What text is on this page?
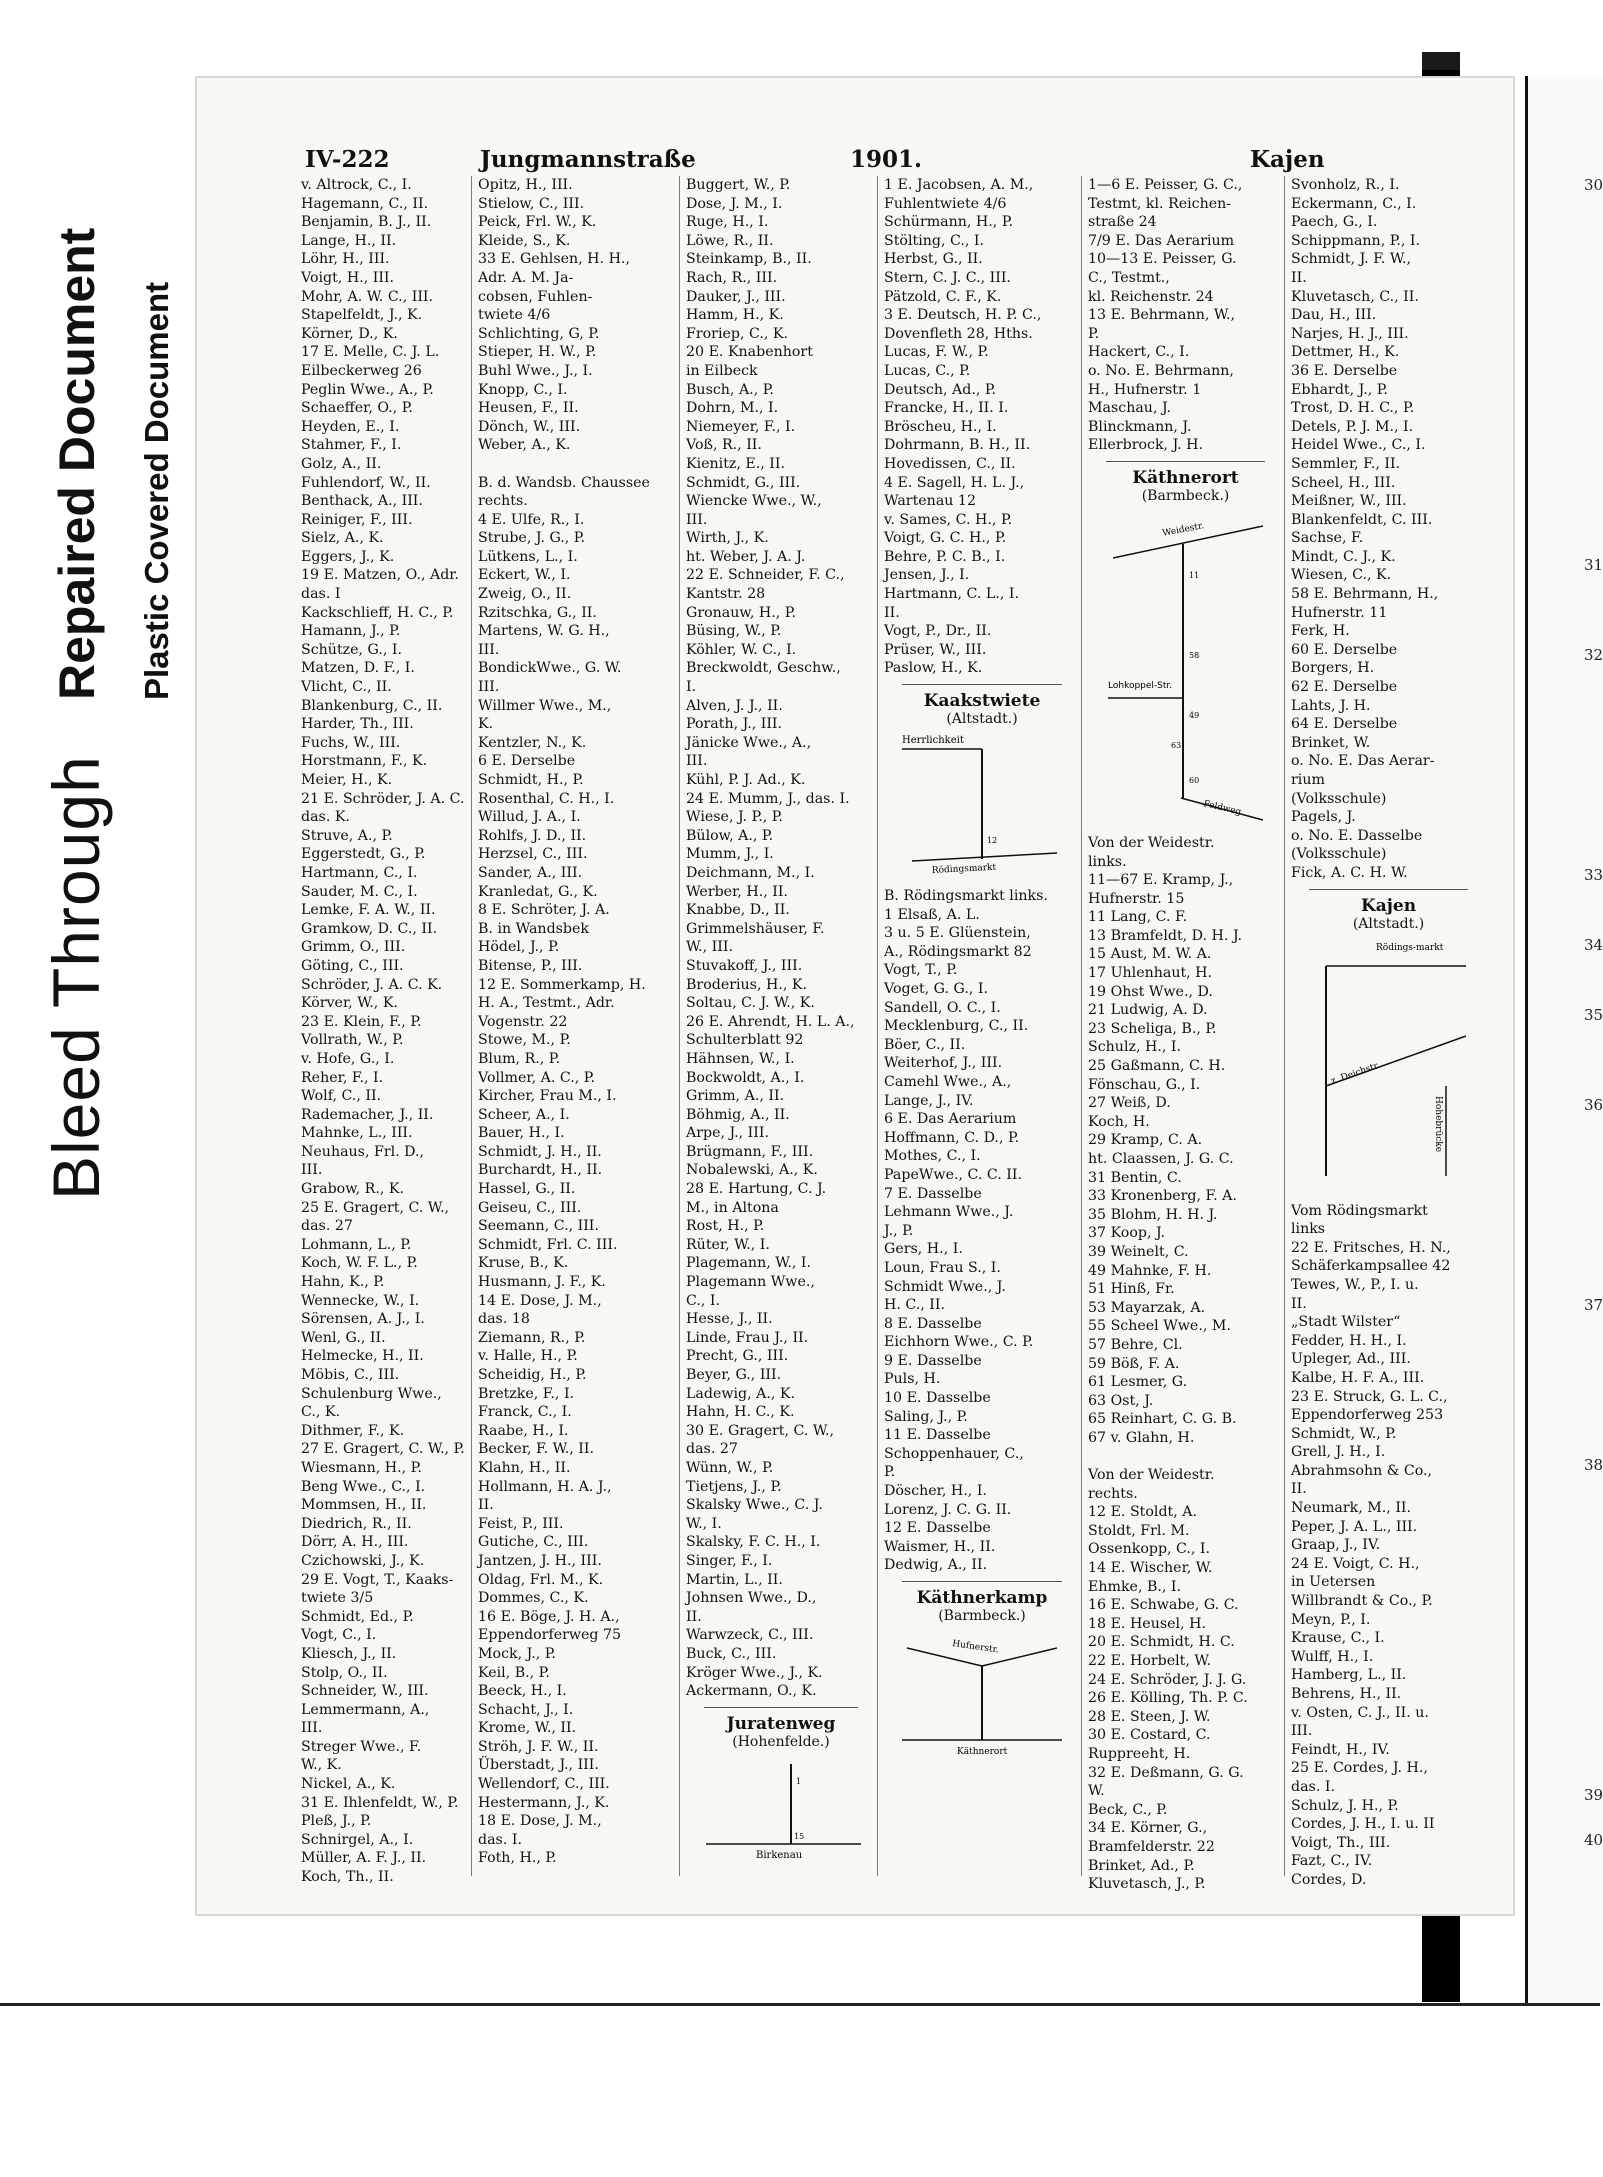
Bleed Through
Repaired Document Plastic Covered Document
30
31
32
33
34
35
36
37
38
39
40
IV-222	Jungmannstraße	1901.	Kajen
v. Altrock, C., I.
Hagemann, C., II.
Benjamin, B. J., II.
Lange, H., II.
Löhr, H., III.
Voigt, H., III.
Mohr, A. W. C., III.
Stapelfeldt, J., K.
Körner, D., K.
17 E. Melle, C. J. L.
Eilbeckerweg 26
Peglin Wwe., A., P.
Schaeffer, O., P.
Heyden, E., I.
Stahmer, F., I.
Golz, A., II.
Fuhlendorf, W., II.
Benthack, A., III.
Reiniger, F., III.
Sielz, A., K.
Eggers, J., K.
19 E. Matzen, O., Adr.
das. I
Kackschlieff, H. C., P.
Hamann, J., P.
Schütze, G., I.
Matzen, D. F., I.
Vlicht, C., II.
Blankenburg, C., II.
Harder, Th., III.
Fuchs, W., III.
Horstmann, F., K.
Meier, H., K.
21 E. Schröder, J. A. C.
das. K.
Struve, A., P.
Eggerstedt, G., P.
Hartmann, C., I.
Sauder, M. C., I.
Lemke, F. A. W., II.
Gramkow, D. C., II.
Grimm, O., III.
Göting, C., III.
Schröder, J. A. C. K.
Körver, W., K.
23 E. Klein, F., P.
Vollrath, W., P.
v. Hofe, G., I.
Reher, F., I.
Wolf, C., II.
Rademacher, J., II.
Mahnke, L., III.
Neuhaus, Frl. D.,
III.
Grabow, R., K.
25 E. Gragert, C. W.,
das. 27
Lohmann, L., P.
Koch, W. F. L., P.
Hahn, K., P.
Wennecke, W., I.
Sörensen, A. J., I.
Wenl, G., II.
Helmecke, H., II.
Möbis, C., III.
Schulenburg Wwe.,
C., K.
Dithmer, F., K.
27 E. Gragert, C. W., P.
Wiesmann, H., P.
Beng Wwe., C., I.
Mommsen, H., II.
Diedrich, R., II.
Dörr, A. H., III.
Czichowski, J., K.
29 E. Vogt, T., Kaaks-
twiete 3/5
Schmidt, Ed., P.
Vogt, C., I.
Kliesch, J., II.
Stolp, O., II.
Schneider, W., III.
Lemmermann, A.,
III.
Streger Wwe., F.
W., K.
Nickel, A., K.
31 E. Ihlenfeldt, W., P.
Pleß, J., P.
Schnirgel, A., I.
Müller, A. F. J., II.
Koch, Th., II.
Opitz, H., III.
Stielow, C., III.
Peick, Frl. W., K.
Kleide, S., K.
33 E. Gehlsen, H. H.,
Adr. A. M. Ja-
cobsen, Fuhlen-
twiete 4/6
Schlichting, G, P.
Stieper, H. W., P.
Buhl Wwe., J., I.
Knopp, C., I.
Heusen, F., II.
Dönch, W., III.
Weber, A., K.

B. d. Wandsb. Chaussee
rechts.
4 E. Ulfe, R., I.
Strube, J. G., P.
Lütkens, L., I.
Eckert, W., I.
Zweig, O., II.
Rzitschka, G., II.
Martens, W. G. H.,
III.
BondickWwe., G. W.
III.
Willmer Wwe., M.,
K.
Kentzler, N., K.
6 E. Derselbe
Schmidt, H., P.
Rosenthal, C. H., I.
Willud, J. A., I.
Rohlfs, J. D., II.
Herzsel, C., III.
Sander, A., III.
Kranledat, G., K.
8 E. Schröter, J. A.
B. in Wandsbek
Hödel, J., P.
Bitense, P., III.
12 E. Sommerkamp, H.
H. A., Testmt., Adr.
Vogenstr. 22
Stowe, M., P.
Blum, R., P.
Vollmer, A. C., P.
Kircher, Frau M., I.
Scheer, A., I.
Bauer, H., I.
Schmidt, J. H., II.
Burchardt, H., II.
Hassel, G., II.
Geiseu, C., III.
Seemann, C., III.
Schmidt, Frl. C. III.
Kruse, B., K.
Husmann, J. F., K.
14 E. Dose, J. M.,
das. 18
Ziemann, R., P.
v. Halle, H., P.
Scheidig, H., P.
Bretzke, F., I.
Franck, C., I.
Raabe, H., I.
Becker, F. W., II.
Klahn, H., II.
Hollmann, H. A. J.,
II.
Feist, P., III.
Gutiche, C., III.
Jantzen, J. H., III.
Oldag, Frl. M., K.
Dommes, C., K.
16 E. Böge, J. H. A.,
Eppendorferweg 75
Mock, J., P.
Keil, B., P.
Beeck, H., I.
Schacht, J., I.
Krome, W., II.
Ströh, J. F. W., II.
Überstadt, J., III.
Wellendorf, C., III.
Hestermann, J., K.
18 E. Dose, J. M.,
das. I.
Foth, H., P.
Buggert, W., P.
Dose, J. M., I.
Ruge, H., I.
Löwe, R., II.
Steinkamp, B., II.
Rach, R., III.
Dauker, J., III.
Hamm, H., K.
Froriep, C., K.
20 E. Knabenhort
in Eilbeck
Busch, A., P.
Dohrn, M., I.
Niemeyer, F., I.
Voß, R., II.
Kienitz, E., II.
Schmidt, G., III.
Wiencke Wwe., W.,
III.
Wirth, J., K.
ht. Weber, J. A. J.
22 E. Schneider, F. C.,
Kantstr. 28
Gronauw, H., P.
Büsing, W., P.
Köhler, W. C., I.
Breckwoldt, Geschw.,
I.
Alven, J. J., II.
Porath, J., III.
Jänicke Wwe., A.,
III.
Kühl, P. J. Ad., K.
24 E. Mumm, J., das. I.
Wiese, J. P., P.
Bülow, A., P.
Mumm, J., I.
Deichmann, M., I.
Werber, H., II.
Knabbe, D., II.
Grimmelshäuser, F.
W., III.
Stuvakoff, J., III.
Broderius, H., K.
Soltau, C. J. W., K.
26 E. Ahrendt, H. L. A.,
Schulterblatt 92
Hähnsen, W., I.
Bockwoldt, A., I.
Grimm, A., II.
Böhmig, A., II.
Arpe, J., III.
Brügmann, F., III.
Nobalewski, A., K.
28 E. Hartung, C. J.
M., in Altona
Rost, H., P.
Rüter, W., I.
Plagemann, W., I.
Plagemann Wwe.,
C., I.
Hesse, J., II.
Linde, Frau J., II.
Precht, G., III.
Beyer, G., III.
Ladewig, A., K.
Hahn, H. C., K.
30 E. Gragert, C. W.,
das. 27
Wünn, W., P.
Tietjens, J., P.
Skalsky Wwe., C. J.
W., I.
Skalsky, F. C. H., I.
Singer, F., I.
Martin, L., II.
Johnsen Wwe., D.,
II.
Warwzeck, C., III.
Buck, C., III.
Kröger Wwe., J., K.
Ackermann, O., K.
Juratenweg
(Hohenfelde.)
1
15
Birkenau
1 E. Jacobsen, A. M.,
Fuhlentwiete 4/6
Schürmann, H., P.
Stölting, C., I.
Herbst, G., II.
Stern, C. J. C., III.
Pätzold, C. F., K.
3 E. Deutsch, H. P. C.,
Dovenfleth 28, Hths.
Lucas, F. W., P.
Lucas, C., P.
Deutsch, Ad., P.
Francke, H., II. I.
Bröscheu, H., I.
Dohrmann, B. H., II.
Hovedissen, C., II.
4 E. Sagell, H. L. J.,
Wartenau 12
v. Sames, C. H., P.
Voigt, G. C. H., P.
Behre, P. C. B., I.
Jensen, J., I.
Hartmann, C. L., I.
II.
Vogt, P., Dr., II.
Prüser, W., III.
Paslow, H., K.
Kaakstwiete
(Altstadt.)
Herrlichkeit
12
Rödingsmarkt
B. Rödingsmarkt links.
1 Elsaß, A. L.
3 u. 5 E. Glüenstein,
A., Rödingsmarkt 82
Vogt, T., P.
Voget, G. G., I.
Sandell, O. C., I.
Mecklenburg, C., II.
Böer, C., II.
Weiterhof, J., III.
Camehl Wwe., A.,
Lange, J., IV.
6 E. Das Aerarium
Hoffmann, C. D., P.
Mothes, C., I.
PapeWwe., C. C. II.
7 E. Dasselbe
Lehmann Wwe., J.
J., P.
Gers, H., I.
Loun, Frau S., I.
Schmidt Wwe., J.
H. C., II.
8 E. Dasselbe
Eichhorn Wwe., C. P.
9 E. Dasselbe
Puls, H.
10 E. Dasselbe
Saling, J., P.
11 E. Dasselbe
Schoppenhauer, C.,
P.
Döscher, H., I.
Lorenz, J. C. G. II.
12 E. Dasselbe
Waismer, H., II.
Dedwig, A., II.
Käthnerkamp
(Barmbeck.)
Hufnerstr.
Käthnerort
1—6 E. Peisser, G. C.,
Testmt, kl. Reichen-
straße 24
7/9 E. Das Aerarium
10—13 E. Peisser, G.
C., Testmt.,
kl. Reichenstr. 24
13 E. Behrmann, W.,
P.
Hackert, C., I.
o. No. E. Behrmann,
H., Hufnerstr. 1
Maschau, J.
Blinckmann, J.
Ellerbrock, J. H.
Käthnerort
(Barmbeck.)
Weidestr.
11
58
49
63
60
Lohkoppel-Str.
Feldweg
Von der Weidestr.
links.
11—67 E. Kramp, J.,
Hufnerstr. 15
11 Lang, C. F.
13 Bramfeldt, D. H. J.
15 Aust, M. W. A.
17 Uhlenhaut, H.
19 Ohst Wwe., D.
21 Ludwig, A. D.
23 Scheliga, B., P.
Schulz, H., I.
25 Gaßmann, C. H.
Fönschau, G., I.
27 Weiß, D.
Koch, H.
29 Kramp, C. A.
ht. Claassen, J. G. C.
31 Bentin, C.
33 Kronenberg, F. A.
35 Blohm, H. H. J.
37 Koop, J.
39 Weinelt, C.
49 Mahnke, F. H.
51 Hinß, Fr.
53 Mayarzak, A.
55 Scheel Wwe., M.
57 Behre, Cl.
59 Böß, F. A.
61 Lesmer, G.
63 Ost, J.
65 Reinhart, C. G. B.
67 v. Glahn, H.

Von der Weidestr.
rechts.
12 E. Stoldt, A.
Stoldt, Frl. M.
Ossenkopp, C., I.
14 E. Wischer, W.
Ehmke, B., I.
16 E. Schwabe, G. C.
18 E. Heusel, H.
20 E. Schmidt, H. C.
22 E. Horbelt, W.
24 E. Schröder, J. J. G.
26 E. Kölling, Th. P. C.
28 E. Steen, J. W.
30 E. Costard, C.
Ruppreeht, H.
32 E. Deßmann, G. G.
W.
Beck, C., P.
34 E. Körner, G.,
Bramfelderstr. 22
Brinket, Ad., P.
Kluvetasch, J., P.
Svonholz, R., I.
Eckermann, C., I.
Paech, G., I.
Schippmann, P., I.
Schmidt, J. F. W.,
II.
Kluvetasch, C., II.
Dau, H., III.
Narjes, H. J., III.
Dettmer, H., K.
36 E. Derselbe
Ebhardt, J., P.
Trost, D. H. C., P.
Detels, P. J. M., I.
Heidel Wwe., C., I.
Semmler, F., II.
Scheel, H., III.
Meißner, W., III.
Blankenfeldt, C. III.
Sachse, F.
Mindt, C. J., K.
Wiesen, C., K.
58 E. Behrmann, H.,
Hufnerstr. 11
Ferk, H.
60 E. Derselbe
Borgers, H.
62 E. Derselbe
Lahts, J. H.
64 E. Derselbe
Brinket, W.
o. No. E. Das Aerar-
rium
(Volksschule)
Pagels, J.
o. No. E. Dasselbe
(Volksschule)
Fick, A. C. H. W.
Kajen
(Altstadt.)
Rödings-markt
z. Deichstr.
Hohebrücke
Vom Rödingsmarkt
links
22 E. Fritsches, H. N.,
Schäferkampsallee 42
Tewes, W., P., I. u.
II.
„Stadt Wilster“
Fedder, H. H., I.
Upleger, Ad., III.
Kalbe, H. F. A., III.
23 E. Struck, G. L. C.,
Eppendorferweg 253
Schmidt, W., P.
Grell, J. H., I.
Abrahmsohn & Co.,
II.
Neumark, M., II.
Peper, J. A. L., III.
Graap, J., IV.
24 E. Voigt, C. H.,
in Uetersen
Willbrandt & Co., P.
Meyn, P., I.
Krause, C., I.
Wulff, H., I.
Hamberg, L., II.
Behrens, H., II.
v. Osten, C. J., II. u.
III.
Feindt, H., IV.
25 E. Cordes, J. H.,
das. I.
Schulz, J. H., P.
Cordes, J. H., I. u. II
Voigt, Th., III.
Fazt, C., IV.
Cordes, D.
